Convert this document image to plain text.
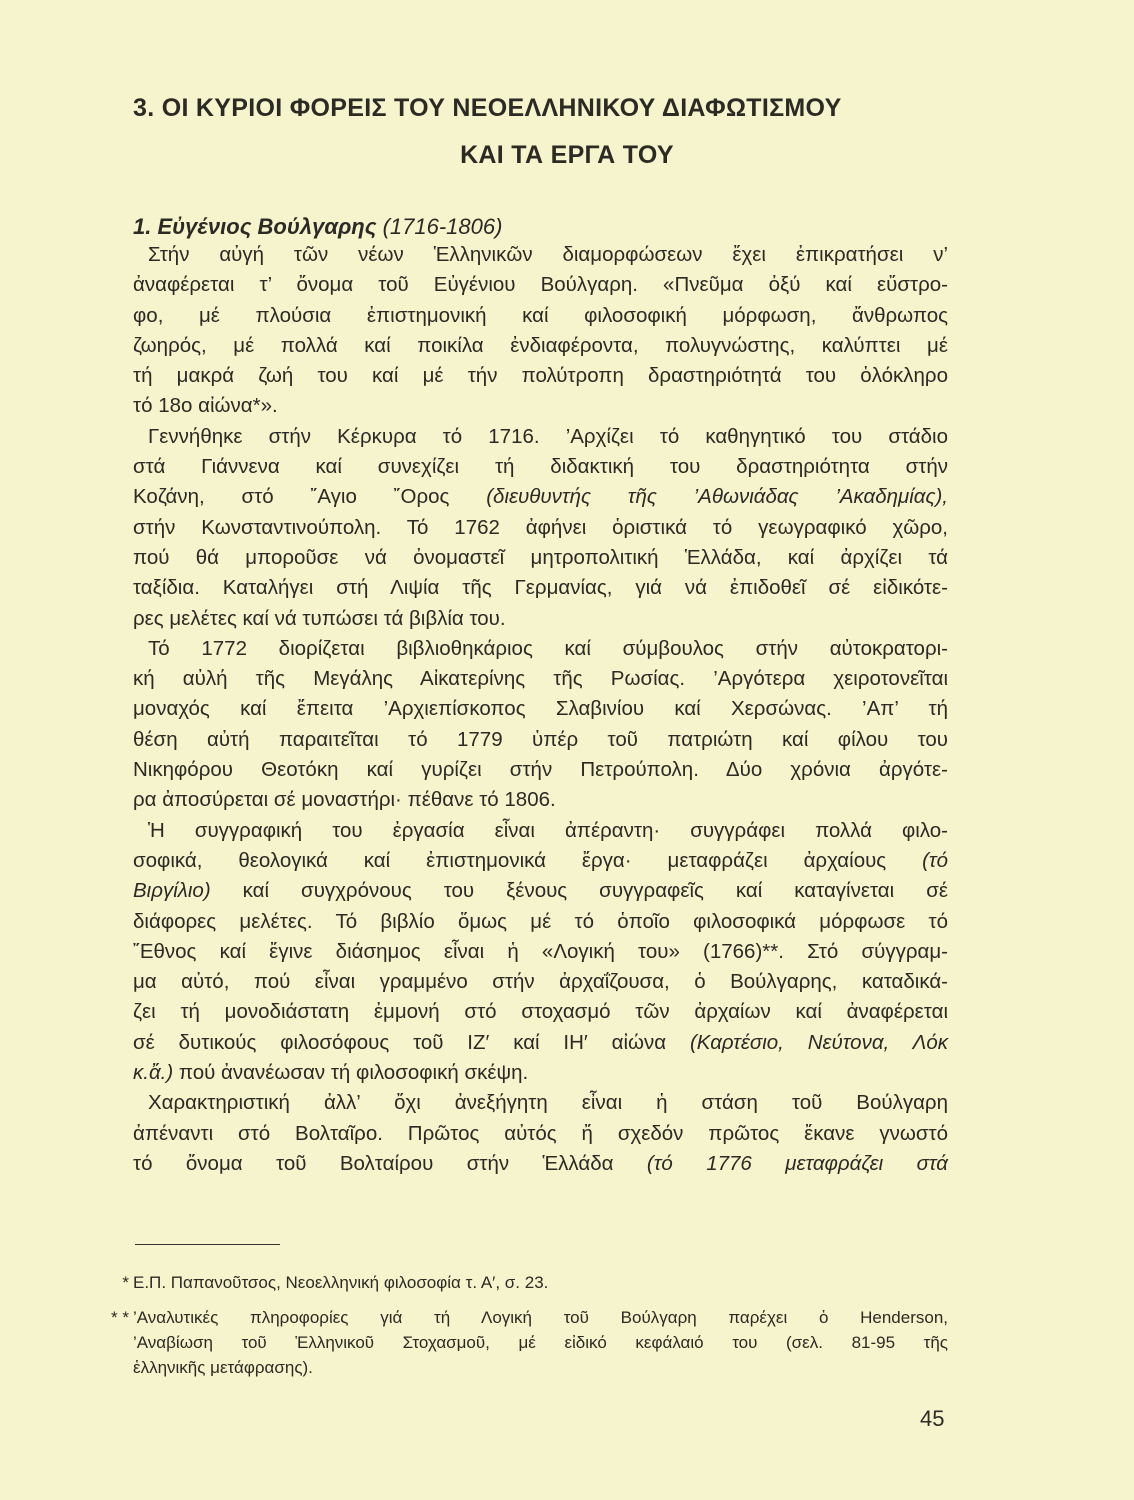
3. ΟΙ ΚΥΡΙΟΙ ΦΟΡΕΙΣ ΤΟΥ ΝΕΟΕΛΛΗΝΙΚΟΥ ΔΙΑΦΩΤΙΣΜΟΥ
ΚΑΙ ΤΑ ΕΡΓΑ ΤΟΥ
1. Εὐγένιος Βούλγαρης (1716-1806)
Στήν αὐγή τῶν νέων Ἑλληνικῶν διαμορφώσεων ἔχει ἐπικρατήσει ν’
ἀναφέρεται τ’ ὄνομα τοῦ Εὐγένιου Βούλγαρη. «Πνεῦμα ὀξύ καί εὔστρο-
φο, μέ πλούσια ἐπιστημονική καί φιλοσοφική μόρφωση, ἄνθρωπος
ζωηρός, μέ πολλά καί ποικίλα ἐνδιαφέροντα, πολυγνώστης, καλύπτει μέ
τή μακρά ζωή του καί μέ τήν πολύτροπη δραστηριότητά του ὁλόκληρο
τό 18ο αἰώνα*».
Γεννήθηκε στήν Κέρκυρα τό 1716. ’Αρχίζει τό καθηγητικό του στάδιο
στά Γιάννενα καί συνεχίζει τή διδακτική του δραστηριότητα στήν
Κοζάνη, στό ῎Αγιο ῎Ορος (διευθυντής τῆς ’Αθωνιάδας ’Ακαδημίας),
στήν Κωνσταντινούπολη. Τό 1762 ἀφήνει ὁριστικά τό γεωγραφικό χῶρο,
πού θά μποροῦσε νά ὀνομαστεῖ μητροπολιτική Ἑλλάδα, καί ἀρχίζει τά
ταξίδια. Καταλήγει στή Λιψία τῆς Γερμανίας, γιά νά ἐπιδοθεῖ σέ εἰδικότε-
ρες μελέτες καί νά τυπώσει τά βιβλία του.
Τό 1772 διορίζεται βιβλιοθηκάριος καί σύμβουλος στήν αὐτοκρατορι-
κή αὐλή τῆς Μεγάλης Αἰκατερίνης τῆς Ρωσίας. ’Αργότερα χειροτονεῖται
μοναχός καί ἔπειτα ’Αρχιεπίσκοπος Σλαβινίου καί Χερσώνας. ’Απ’ τή
θέση αὐτή παραιτεῖται τό 1779 ὑπέρ τοῦ πατριώτη καί φίλου του
Νικηφόρου Θεοτόκη καί γυρίζει στήν Πετρούπολη. Δύο χρόνια ἀργότε-
ρα ἀποσύρεται σέ μοναστήρι· πέθανε τό 1806.
Ἡ συγγραφική του ἐργασία εἶναι ἀπέραντη· συγγράφει πολλά φιλο-
σοφικά, θεολογικά καί ἐπιστημονικά ἔργα· μεταφράζει ἀρχαίους (τό
Βιργίλιο) καί συγχρόνους του ξένους συγγραφεῖς καί καταγίνεται σέ
διάφορες μελέτες. Τό βιβλίο ὅμως μέ τό ὁποῖο φιλοσοφικά μόρφωσε τό
῎Εθνος καί ἔγινε διάσημος εἶναι ἡ «Λογική του» (1766)**. Στό σύγγραμ-
μα αὐτό, πού εἶναι γραμμένο στήν ἀρχαΐζουσα, ὁ Βούλγαρης, καταδικά-
ζει τή μονοδιάστατη ἐμμονή στό στοχασμό τῶν ἀρχαίων καί ἀναφέρεται
σέ δυτικούς φιλοσόφους τοῦ ΙΖ′ καί ΙΗ′ αἰώνα (Καρτέσιο, Νεύτονα, Λόκ
κ.ἄ.) πού ἀνανέωσαν τή φιλοσοφική σκέψη.
Χαρακτηριστική ἀλλ’ ὄχι ἀνεξήγητη εἶναι ἡ στάση τοῦ Βούλγαρη
ἀπέναντι στό Βολταῖρο. Πρῶτος αὐτός ἤ σχεδόν πρῶτος ἔκανε γνωστό
τό ὄνομα τοῦ Βολταίρου στήν Ἑλλάδα (τό 1776 μεταφράζει στά
* Ε.Π. Παπανοῦτσος, Νεοελληνική φιλοσοφία τ. Α′, σ. 23.
* * ’Αναλυτικές πληροφορίες γιά τή Λογική τοῦ Βούλγαρη παρέχει ὁ Henderson,
’Αναβίωση τοῦ Ἑλληνικοῦ Στοχασμοῦ, μέ εἰδικό κεφάλαιό του (σελ. 81-95 τῆς
ἑλληνικῆς μετάφρασης).
45
